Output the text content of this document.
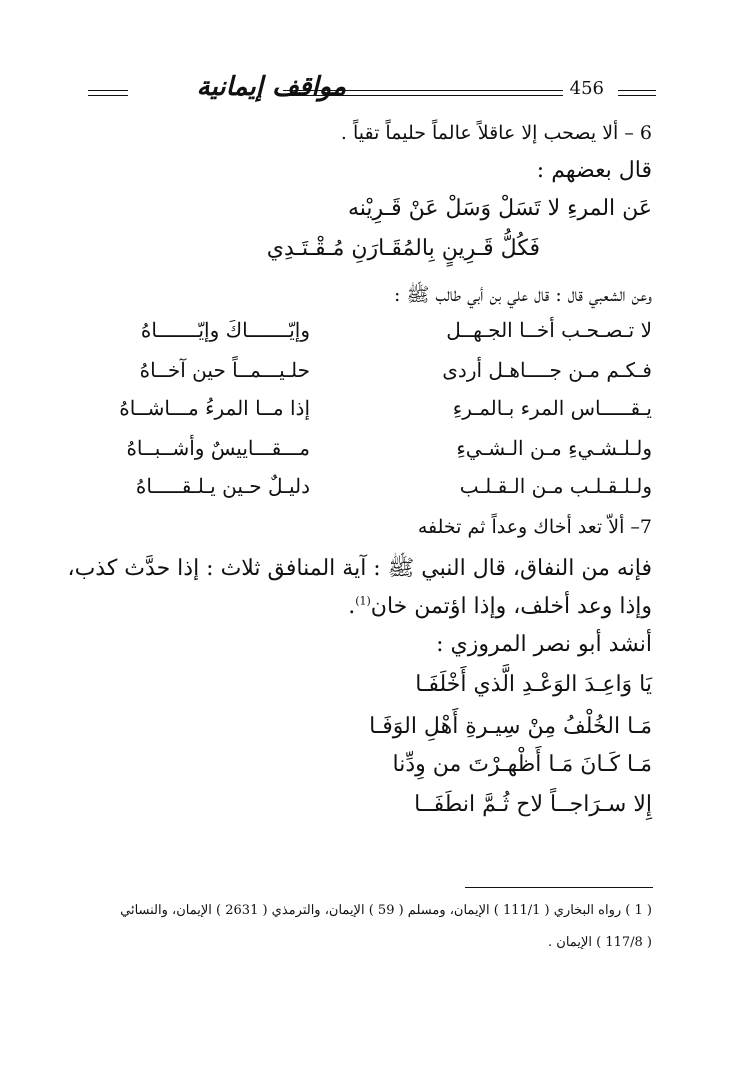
مواقف إيمانية	456
6 – ألا يصحب إلا عاقلاً عالماً حليماً تقياً .
قال بعضهم :
عَن المرءِ لا تَسَلْ وَسَلْ عَنْ قَـرِيْنه
فَكُلُّ قَـرِينٍ بِالمُقَـارَنِ مُـقْـتَـدِي
وعن الشعبي قال : قال علي بن أبي طالب ﷺ :
لا تـصـحـب أخــا الجـهــل
وإيّـــــــاكَ وإيّـــــــاهُ
فـكـم مـن جــــاهـل أردى
حلـيـــمــاً حين آخــاهُ
يـقـــــاس المرء بـالمـرءِ
إذا مــا المرءُ مـــاشــاهُ
ولـلـشـيءِ مـن الـشـيءِ
مـــقـــاييسٌ وأشــبــاهُ
ولـلـقـلـب مـن الـقـلـب
دليـلٌ حـين يـلـقـــــاهُ
7– ألاّ تعد أخاك وعداً ثم تخلفه
فإنه من النفاق، قال النبي ﷺ : آية المنافق ثلاث : إذا حدَّث كذب،
وإذا وعد أخلف، وإذا اؤتمن خان$^{(1)}$.
أنشد أبو نصر المروزي :
يَا وَاعِـدَ الوَعْـدِ الَّذي أَخْلَفَـا
مَـا الخُلْفُ مِنْ سِيـرةِ أَهْلِ الوَفَـا
مَـا كَـانَ مَـا أَظْهـرْتَ من وِدِّنا
إِلا سـرَاجــاً لاح ثُـمَّ انطَفَــا
( 1 ) رواه البخاري ( 111/1 ) الإيمان، ومسلم ( 59 ) الإيمان، والترمذي ( 2631 ) الإيمان، والنسائي
( 117/8 ) الإيمان .
